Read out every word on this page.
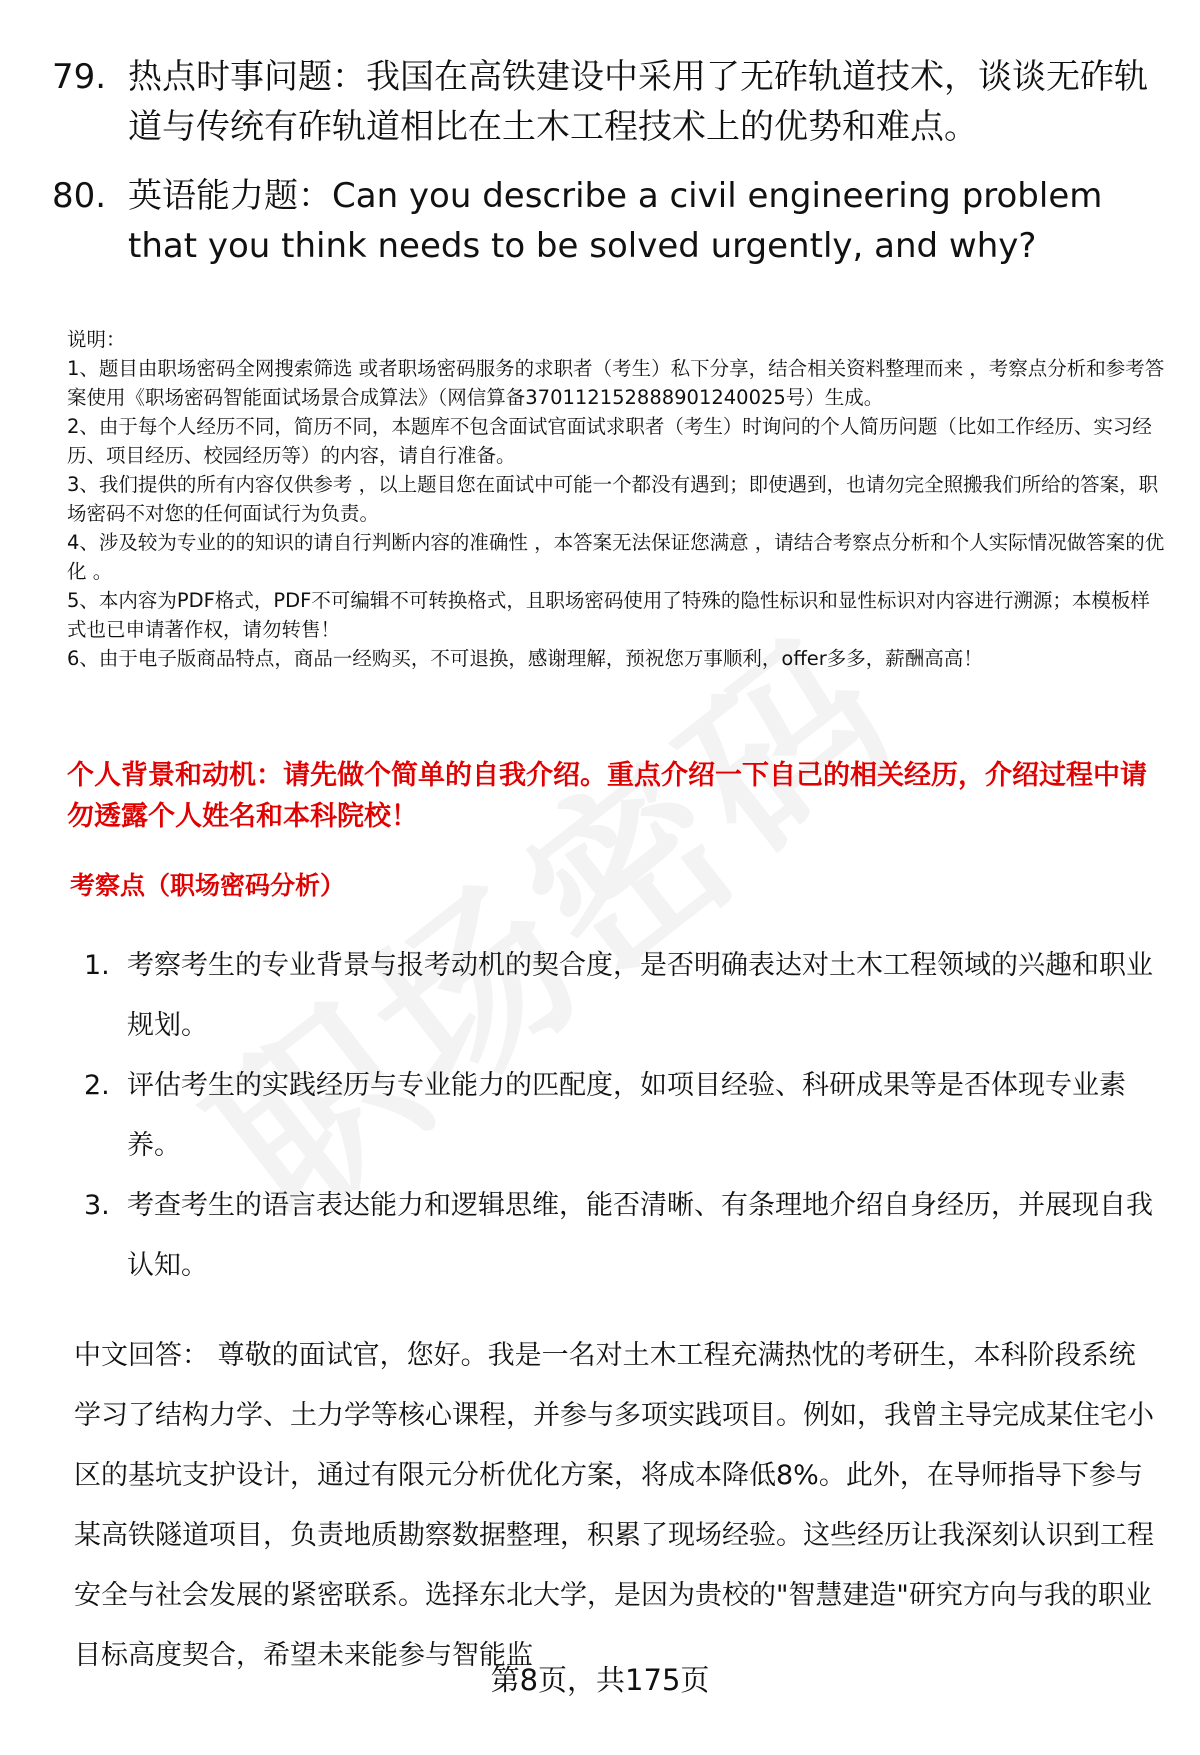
79. 热点时事问题：我国在高铁建设中采用了无砟轨道技术，谈谈无砟轨道与传统有砟轨道相比在土木工程技术上的优势和难点。
80. 英语能力题：Can you describe a civil engineering problem that you think needs to be solved urgently, and why?

说明：

1、题目由职场密码全网搜索筛选 或者职场密码服务的求职者（考生）私下分享，结合相关资料整理而来 ，考察点分析和参考答案使用《职场密码智能面试场景合成算法》（网信算备370112152888901240025号）生成。

2、由于每个人经历不同，简历不同，本题库不包含面试官面试求职者（考生）时询问的个人简历问题（比如工作经历、实习经历、项目经历、校园经历等）的内容，请自行准备。

3、我们提供的所有内容仅供参考 ，以上题目您在面试中可能一个都没有遇到；即使遇到，也请勿完全照搬我们所给的答案，职场密码不对您的任何面试行为负责。

4、涉及较为专业的的知识的请自行判断内容的准确性 ，本答案无法保证您满意 ，请结合考察点分析和个人实际情况做答案的优化 。

5、本内容为PDF格式，PDF不可编辑不可转换格式，且职场密码使用了特殊的隐性标识和显性标识对内容进行溯源；本模板样式也已申请著作权，请勿转售！

6、由于电子版商品特点，商品一经购买，不可退换，感谢理解，预祝您万事顺利，offer多多，薪酬高高！

个人背景和动机：请先做个简单的自我介绍。重点介绍一下自己的相关经历，介绍过程中请勿透露个人姓名和本科院校！
考察点（职场密码分析）
1. 考察考生的专业背景与报考动机的契合度，是否明确表达对土木工程领域的兴趣和职业规划。
2. 评估考生的实践经历与专业能力的匹配度，如项目经验、科研成果等是否体现专业素养。
3. 考查考生的语言表达能力和逻辑思维，能否清晰、有条理地介绍自身经历，并展现自我认知。
中文回答： 尊敬的面试官，您好。我是一名对土木工程充满热忱的考研生，本科阶段系统学习了结构力学、土力学等核心课程，并参与多项实践项目。例如，我曾主导完成某住宅小区的基坑支护设计，通过有限元分析优化方案，将成本降低8%。此外，在导师指导下参与某高铁隧道项目，负责地质勘察数据整理，积累了现场经验。这些经历让我深刻认识到工程安全与社会发展的紧密联系。选择东北大学，是因为贵校的"智慧建造"研究方向与我的职业目标高度契合，希望未来能参与智能监
第8页，共175页
